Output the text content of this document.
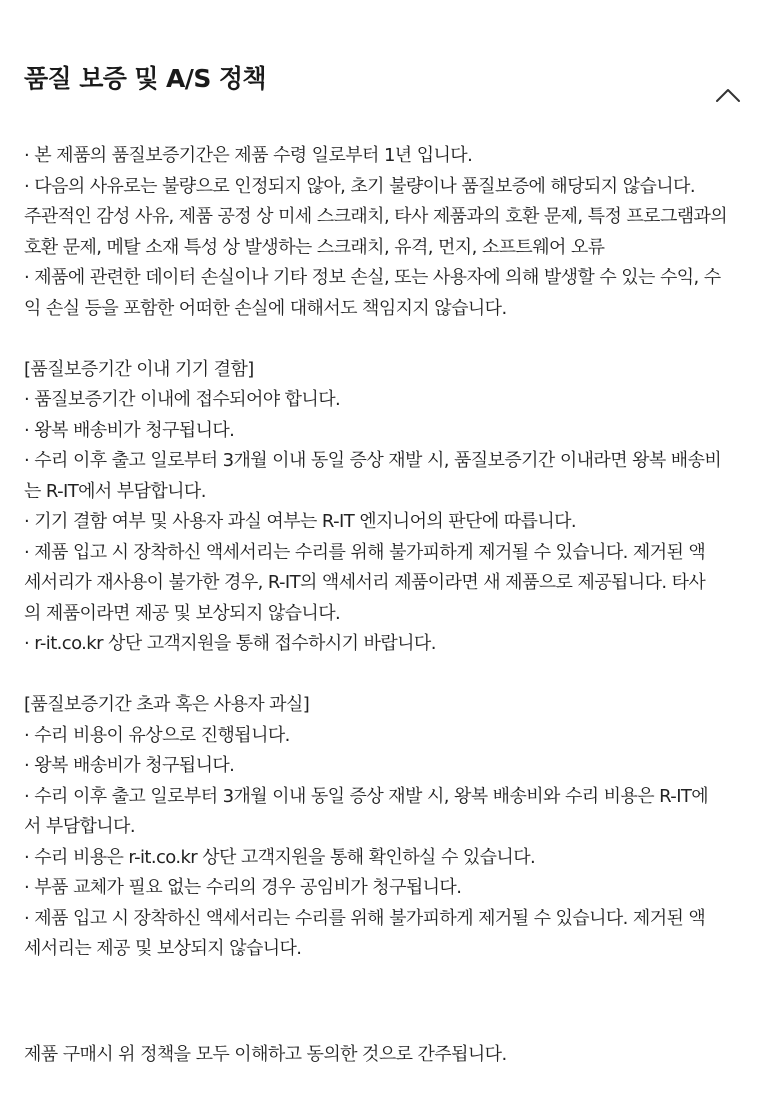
품질 보증 및 A/S 정책
· 본 제품의 품질보증기간은 제품 수령 일로부터 1년 입니다.
· 다음의 사유로는 불량으로 인정되지 않아, 초기 불량이나 품질보증에 해당되지 않습니다.
주관적인 감성 사유, 제품 공정 상 미세 스크래치, 타사 제품과의 호환 문제, 특정 프로그램과의
호환 문제, 메탈 소재 특성 상 발생하는 스크래치, 유격, 먼지, 소프트웨어 오류
· 제품에 관련한 데이터 손실이나 기타 정보 손실, 또는 사용자에 의해 발생할 수 있는 수익, 수
익 손실 등을 포함한 어떠한 손실에 대해서도 책임지지 않습니다.
[품질보증기간 이내 기기 결함]
· 품질보증기간 이내에 접수되어야 합니다.
· 왕복 배송비가 청구됩니다.
· 수리 이후 출고 일로부터 3개월 이내 동일 증상 재발 시, 품질보증기간 이내라면 왕복 배송비
는 R-IT에서 부담합니다.
· 기기 결함 여부 및 사용자 과실 여부는 R-IT 엔지니어의 판단에 따릅니다.
· 제품 입고 시 장착하신 액세서리는 수리를 위해 불가피하게 제거될 수 있습니다. 제거된 액
세서리가 재사용이 불가한 경우, R-IT의 액세서리 제품이라면 새 제품으로 제공됩니다. 타사
의 제품이라면 제공 및 보상되지 않습니다.
· r-it.co.kr 상단 고객지원을 통해 접수하시기 바랍니다.
[품질보증기간 초과 혹은 사용자 과실]
· 수리 비용이 유상으로 진행됩니다.
· 왕복 배송비가 청구됩니다.
· 수리 이후 출고 일로부터 3개월 이내 동일 증상 재발 시, 왕복 배송비와 수리 비용은 R-IT에
서 부담합니다.
· 수리 비용은 r-it.co.kr 상단 고객지원을 통해 확인하실 수 있습니다.
· 부품 교체가 필요 없는 수리의 경우 공임비가 청구됩니다.
· 제품 입고 시 장착하신 액세서리는 수리를 위해 불가피하게 제거될 수 있습니다. 제거된 액
세서리는 제공 및 보상되지 않습니다.
제품 구매시 위 정책을 모두 이해하고 동의한 것으로 간주됩니다.
